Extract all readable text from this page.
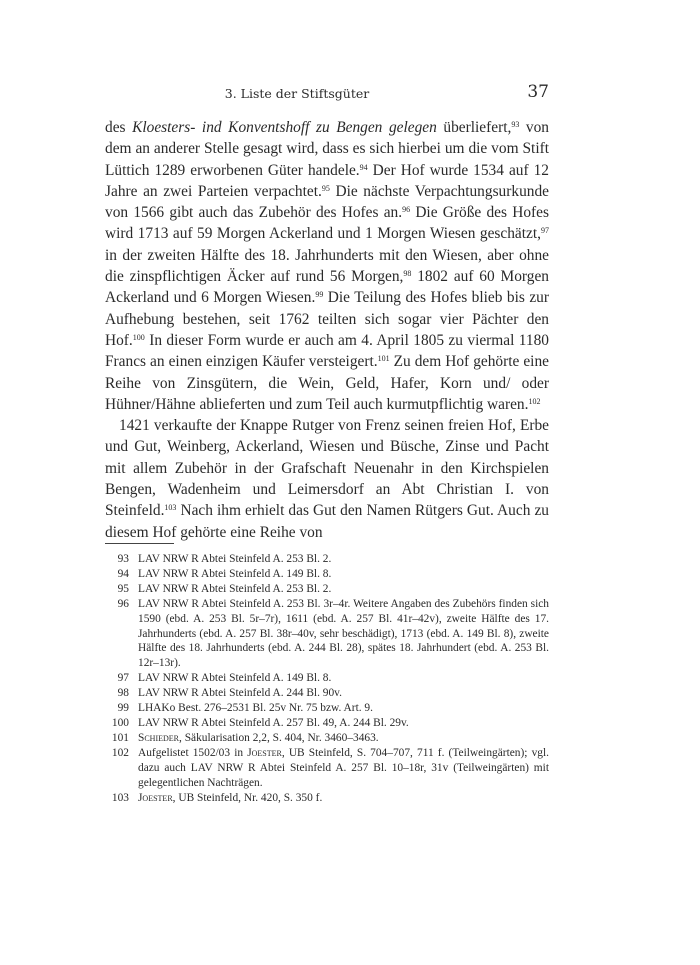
3. Liste der Stiftsgüter	37

des Kloesters- ind Konventshoff zu Bengen gelegen überliefert,$^{93}$ von dem an anderer Stelle gesagt wird, dass es sich hierbei um die vom Stift Lüttich 1289 erworbenen Güter handele.$^{94}$ Der Hof wurde 1534 auf 12 Jahre an zwei Parteien verpachtet.$^{95}$ Die nächste Verpachtungsurkunde von 1566 gibt auch das Zubehör des Hofes an.$^{96}$ Die Größe des Hofes wird 1713 auf 59 Morgen Ackerland und 1 Morgen Wiesen geschätzt,$^{97}$ in der zweiten Hälfte des 18. Jahrhunderts mit den Wiesen, aber ohne die zinspflichtigen Äcker auf rund 56 Morgen,$^{98}$ 1802 auf 60 Morgen Ackerland und 6 Morgen Wiesen.$^{99}$ Die Teilung des Hofes blieb bis zur Aufhebung bestehen, seit 1762 teilten sich sogar vier Pächter den Hof.$^{100}$ In dieser Form wurde er auch am 4. April 1805 zu viermal 1180 Francs an einen einzigen Käufer versteigert.$^{101}$ Zu dem Hof gehörte eine Reihe von Zinsgütern, die Wein, Geld, Hafer, Korn und/ oder Hühner/Hähne ablieferten und zum Teil auch kurmutpflichtig waren.$^{102}$

1421 verkaufte der Knappe Rutger von Frenz seinen freien Hof, Erbe und Gut, Weinberg, Ackerland, Wiesen und Büsche, Zinse und Pacht mit allem Zubehör in der Grafschaft Neuenahr in den Kirchspielen Bengen, Wadenheim und Leimersdorf an Abt Christian I. von Steinfeld.$^{103}$ Nach ihm erhielt das Gut den Namen Rütgers Gut. Auch zu diesem Hof gehörte eine Reihe von

93 LAV NRW R Abtei Steinfeld A. 253 Bl. 2.
94 LAV NRW R Abtei Steinfeld A. 149 Bl. 8.
95 LAV NRW R Abtei Steinfeld A. 253 Bl. 2.
96 LAV NRW R Abtei Steinfeld A. 253 Bl. 3r–4r. Weitere Angaben des Zubehörs finden sich 1590 (ebd. A. 253 Bl. 5r–7r), 1611 (ebd. A. 257 Bl. 41r–42v), zweite Hälfte des 17. Jahrhunderts (ebd. A. 257 Bl. 38r–40v, sehr beschädigt), 1713 (ebd. A. 149 Bl. 8), zweite Hälfte des 18. Jahrhunderts (ebd. A. 244 Bl. 28), spätes 18. Jahrhundert (ebd. A. 253 Bl. 12r–13r).
97 LAV NRW R Abtei Steinfeld A. 149 Bl. 8.
98 LAV NRW R Abtei Steinfeld A. 244 Bl. 90v.
99 LHAKo Best. 276–2531 Bl. 25v Nr. 75 bzw. Art. 9.
100 LAV NRW R Abtei Steinfeld A. 257 Bl. 49, A. 244 Bl. 29v.
101 Schieder, Säkularisation 2,2, S. 404, Nr. 3460–3463.
102 Aufgelistet 1502/03 in Joester, UB Steinfeld, S. 704–707, 711 f. (Teilweingärten); vgl. dazu auch LAV NRW R Abtei Steinfeld A. 257 Bl. 10–18r, 31v (Teilweingärten) mit gelegentlichen Nachträgen.
103 Joester, UB Steinfeld, Nr. 420, S. 350 f.
